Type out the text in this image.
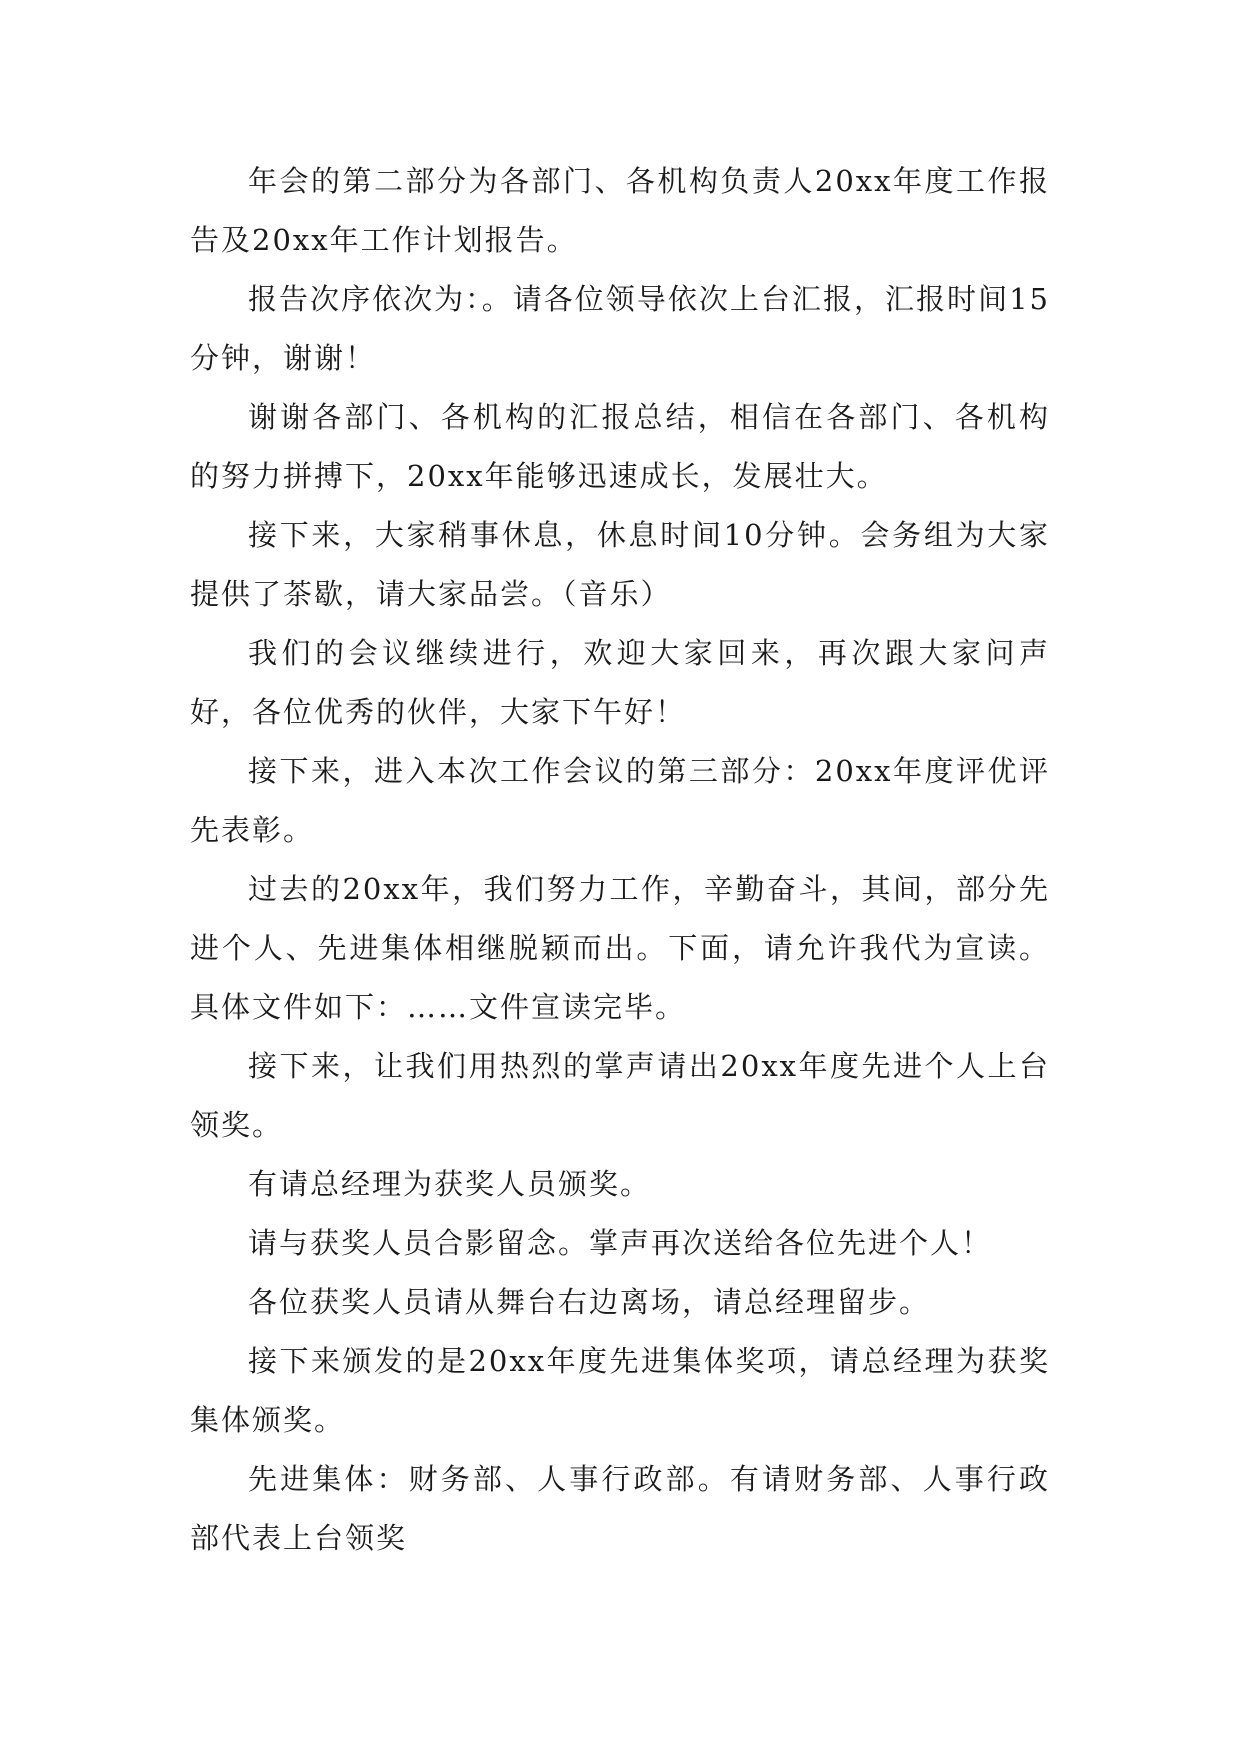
年会的第二部分为各部门、各机构负责人20xx年度工作报告及20xx年工作计划报告。

报告次序依次为：。请各位领导依次上台汇报，汇报时间15分钟，谢谢！

谢谢各部门、各机构的汇报总结，相信在各部门、各机构的努力拼搏下，20xx年能够迅速成长，发展壮大。

接下来，大家稍事休息，休息时间10分钟。会务组为大家提供了茶歇，请大家品尝。（音乐）

我们的会议继续进行，欢迎大家回来，再次跟大家问声好，各位优秀的伙伴，大家下午好！

接下来，进入本次工作会议的第三部分：20xx年度评优评先表彰。

过去的20xx年，我们努力工作，辛勤奋斗，其间，部分先进个人、先进集体相继脱颖而出。下面，请允许我代为宣读。具体文件如下：……文件宣读完毕。

接下来，让我们用热烈的掌声请出20xx年度先进个人上台领奖。

有请总经理为获奖人员颁奖。

请与获奖人员合影留念。掌声再次送给各位先进个人！

各位获奖人员请从舞台右边离场，请总经理留步。

接下来颁发的是20xx年度先进集体奖项，请总经理为获奖集体颁奖。

先进集体：财务部、人事行政部。有请财务部、人事行政部代表上台领奖
